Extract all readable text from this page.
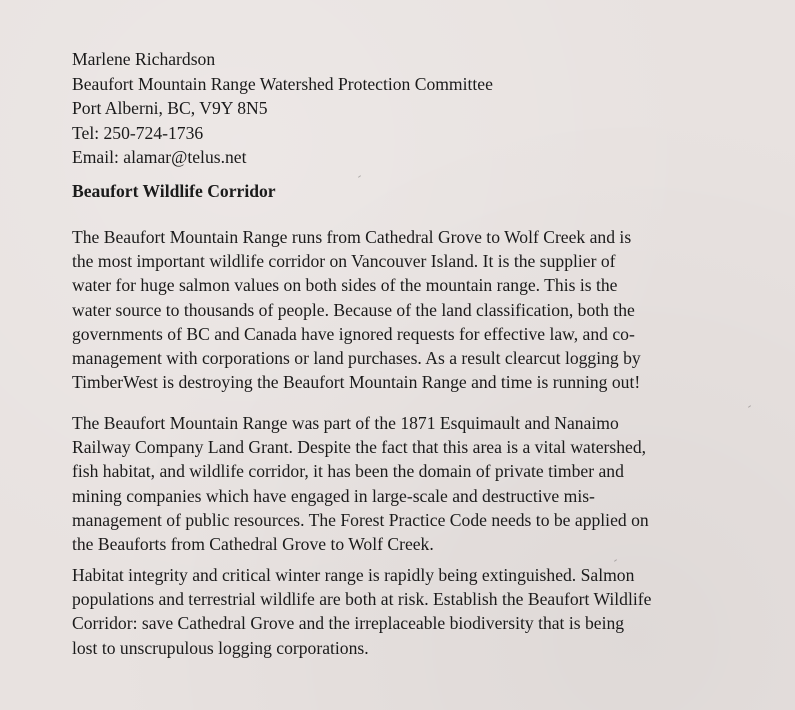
Marlene Richardson
Beaufort Mountain Range Watershed Protection Committee
Port Alberni, BC, V9Y 8N5
Tel: 250-724-1736
Email: alamar@telus.net
Beaufort Wildlife Corridor
The Beaufort Mountain Range runs from Cathedral Grove to Wolf Creek and is
the most important wildlife corridor on Vancouver Island. It is the supplier of
water for huge salmon values on both sides of the mountain range. This is the
water source to thousands of people. Because of the land classification, both the
governments of BC and Canada have ignored requests for effective law, and co-
management with corporations or land purchases. As a result clearcut logging by
TimberWest is destroying the Beaufort Mountain Range and time is running out!
The Beaufort Mountain Range was part of the 1871 Esquimault and Nanaimo
Railway Company Land Grant. Despite the fact that this area is a vital watershed,
fish habitat, and wildlife corridor, it has been the domain of private timber and
mining companies which have engaged in large-scale and destructive mis-
management of public resources. The Forest Practice Code needs to be applied on
the Beauforts from Cathedral Grove to Wolf Creek.
Habitat integrity and critical winter range is rapidly being extinguished. Salmon
populations and terrestrial wildlife are both at risk. Establish the Beaufort Wildlife
Corridor: save Cathedral Grove and the irreplaceable biodiversity that is being
lost to unscrupulous logging corporations.
